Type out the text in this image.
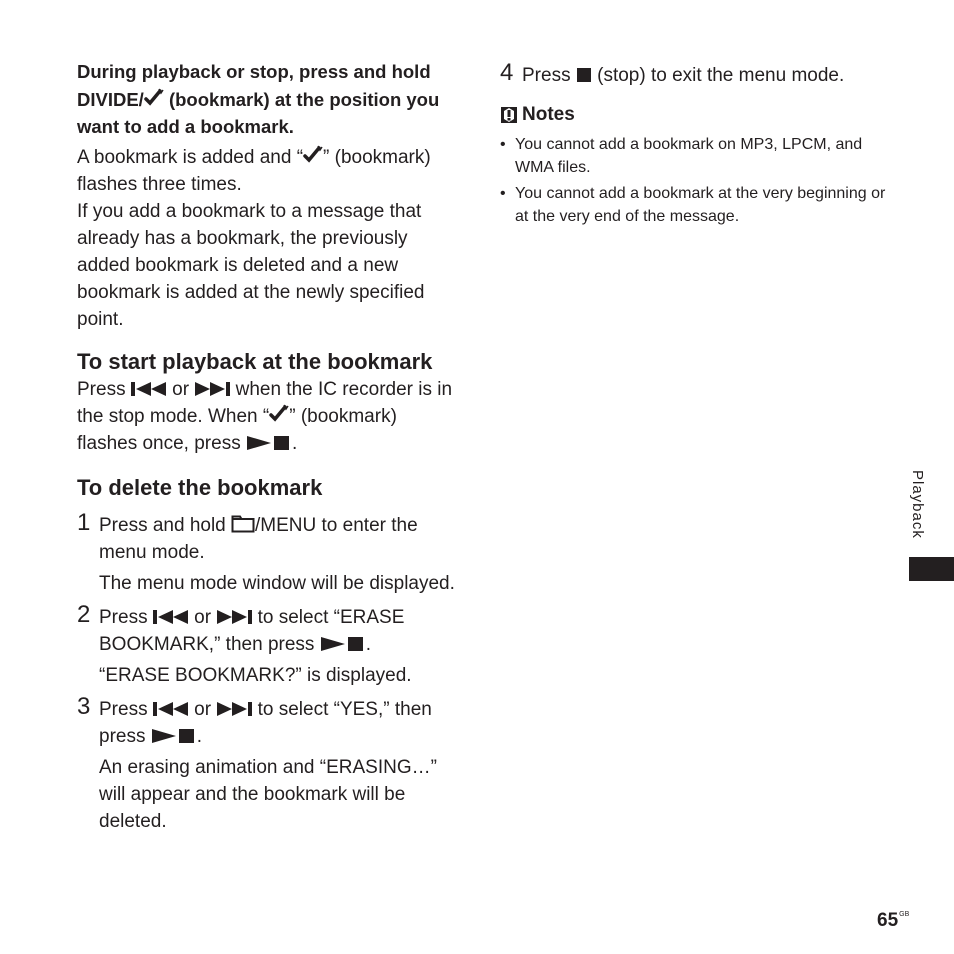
During playback or stop, press and hold DIVIDE/ (bookmark) at the position you want to add a bookmark.

A bookmark is added and “ ” (bookmark) flashes three times.

If you add a bookmark to a message that already has a bookmark, the previously added bookmark is deleted and a new bookmark is added at the newly specified point.

To start playback at the bookmark

Press  or  when the IC recorder is in the stop mode. When “ ” (bookmark) flashes once, press .

To delete the bookmark

1 Press and hold /MENU to enter the menu mode.

The menu mode window will be displayed.

2 Press  or  to select “ERASE BOOKMARK,” then press .

“ERASE BOOKMARK?” is displayed.

3 Press  or  to select “YES,” then press .

An erasing animation and “ERASING…” will appear and the bookmark will be deleted.

4 Press  (stop) to exit the menu mode.

Notes

• You cannot add a bookmark on MP3, LPCM, and WMA files.
• You cannot add a bookmark at the very beginning or at the very end of the message.
Playback
$65^{GB}$
